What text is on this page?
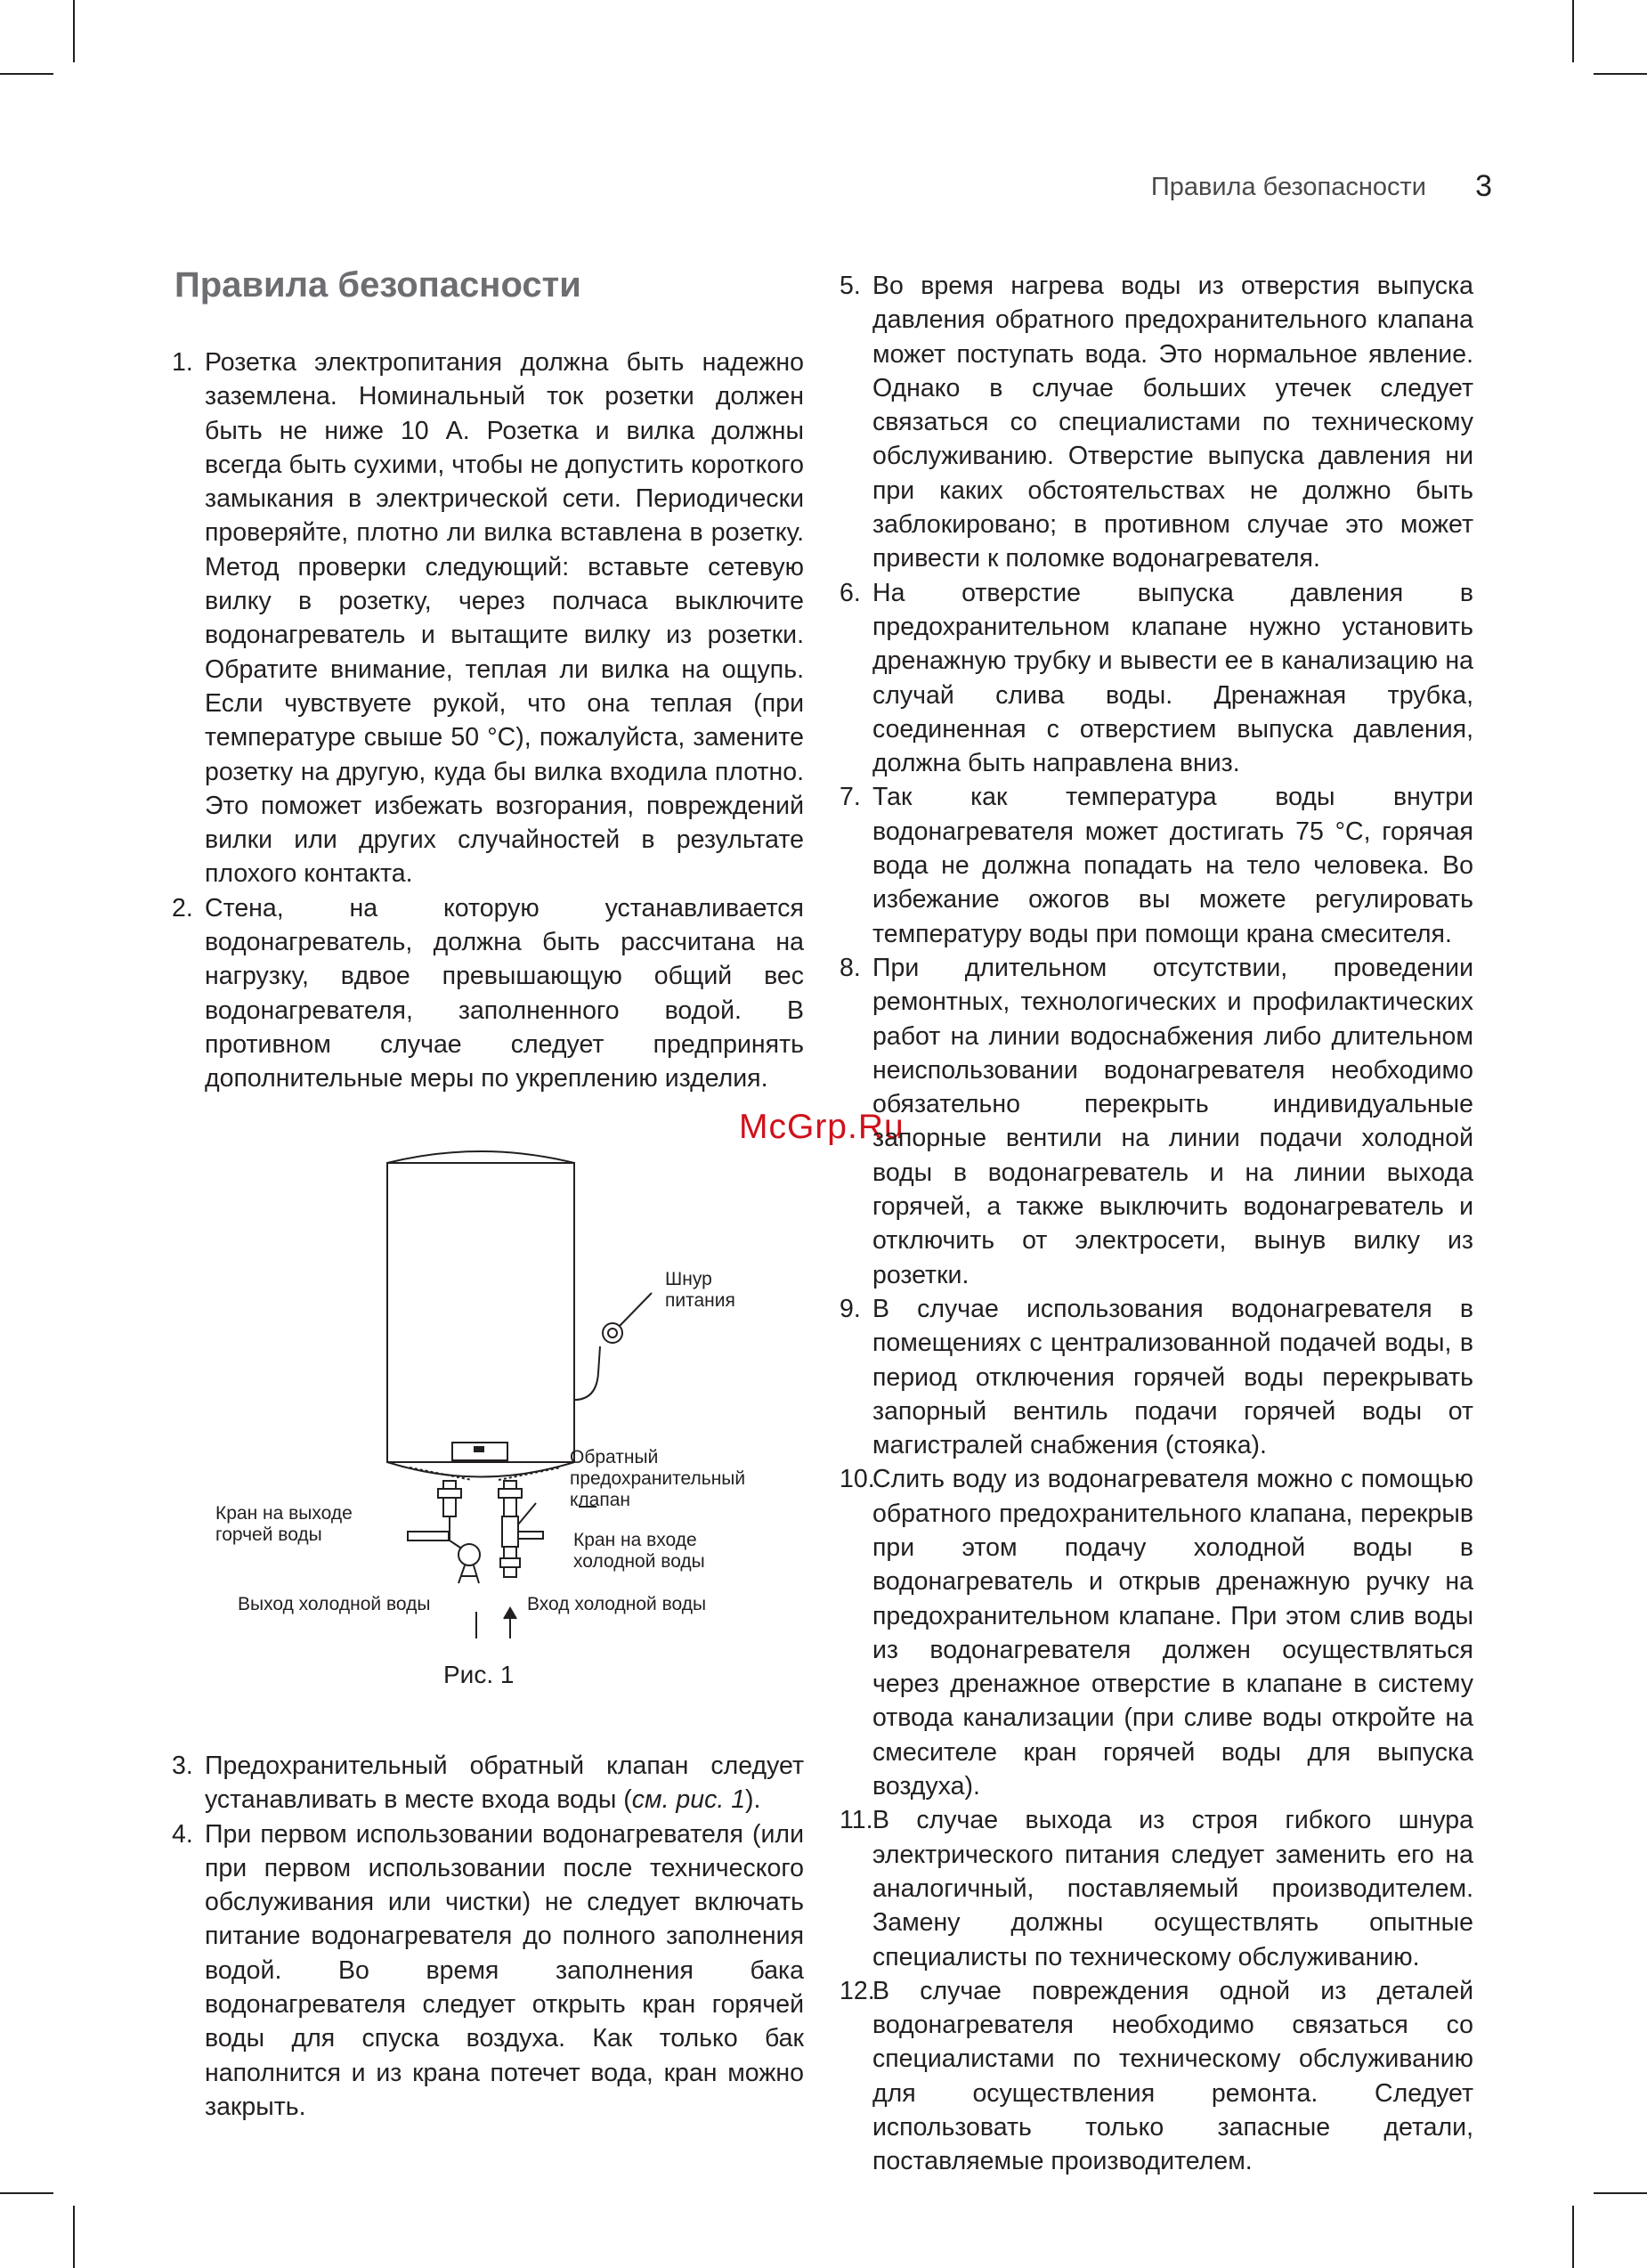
Правила безопасности 3
Правила безопасности
1. Розетка электропитания должна быть надежно заземлена. Номинальный ток розетки должен быть не ниже 10 А. Розетка и вилка должны всегда быть сухими, чтобы не допустить короткого замыкания в электрической сети. Периодически проверяйте, плотно ли вилка вставлена в розетку. Метод проверки следующий: вставьте сетевую вилку в розетку, через полчаса выключите водонагреватель и вытащите вилку из розетки. Обратите внимание, теплая ли вилка на ощупь. Если чувствуете рукой, что она теплая (при температуре свыше 50 °C), пожалуйста, замените розетку на другую, куда бы вилка входила плотно. Это поможет избежать возгорания, повреждений вилки или других случайностей в результате плохого контакта.
2. Стена, на которую устанавливается водонагреватель, должна быть рассчитана на нагрузку, вдвое превышающую общий вес водонагревателя, заполненного водой. В противном случае следует предпринять дополнительные меры по укреплению изделия.
McGrp.Ru
Шнур
питания
Обратный
предохранительный
клапан
Кран на выходе
горчей воды	Кран на входе
холодной воды
Выход холодной воды	Вход холодной воды
Рис. 1
3. Предохранительный обратный клапан следует устанавливать в месте входа воды (см. рис. 1).
4. При первом использовании водонагревателя (или при первом использовании после технического обслуживания или чистки) не следует включать питание водонагревателя до полного заполнения водой. Во время заполнения бака водонагревателя следует открыть кран горячей воды для спуска воздуха. Как только бак наполнится и из крана потечет вода, кран можно закрыть.
5. Во время нагрева воды из отверстия выпуска давления обратного предохранительного клапана может поступать вода. Это нормальное явление. Однако в случае больших утечек следует связаться со специалистами по техническому обслуживанию. Отверстие выпуска давления ни при каких обстоятельствах не должно быть заблокировано; в противном случае это может привести к поломке водонагревателя.
6. На отверстие выпуска давления в предохранительном клапане нужно установить дренажную трубку и вывести ее в канализацию на случай слива воды. Дренажная трубка, соединенная с отверстием выпуска давления, должна быть направлена вниз.
7. Так как температура воды внутри водонагревателя может достигать 75 °C, горячая вода не должна попадать на тело человека. Во избежание ожогов вы можете регулировать температуру воды при помощи крана смесителя.
8. При длительном отсутствии, проведении ремонтных, технологических и профилактических работ на линии водоснабжения либо длительном неиспользовании водонагревателя необходимо обязательно перекрыть индивидуальные запорные вентили на линии подачи холодной воды в водонагреватель и на линии выхода горячей, а также выключить водонагреватель и отключить от электросети, вынув вилку из розетки.
9. В случае использования водонагревателя в помещениях с централизованной подачей воды, в период отключения горячей воды перекрывать запорный вентиль подачи горячей воды от магистралей снабжения (стояка).
10.
Слить воду из водонагревателя можно с помощью обратного предохранительного клапана, перекрыв при этом подачу холодной воды в водонагреватель и открыв дренажную ручку на предохранительном клапане. При этом слив воды из водонагревателя должен осуществляться через дренажное отверстие в клапане в систему отвода канализации (при сливе воды откройте на смесителе кран горячей воды для выпуска воздуха).
11. В случае выхода из строя гибкого шнура электрического питания следует заменить его на аналогичный, поставляемый производителем. Замену должны осуществлять опытные специалисты по техническому обслуживанию.
12.
В случае повреждения одной из деталей водонагревателя необходимо связаться со специалистами по техническому обслуживанию для осуществления ремонта. Следует использовать только запасные детали, поставляемые производителем.
